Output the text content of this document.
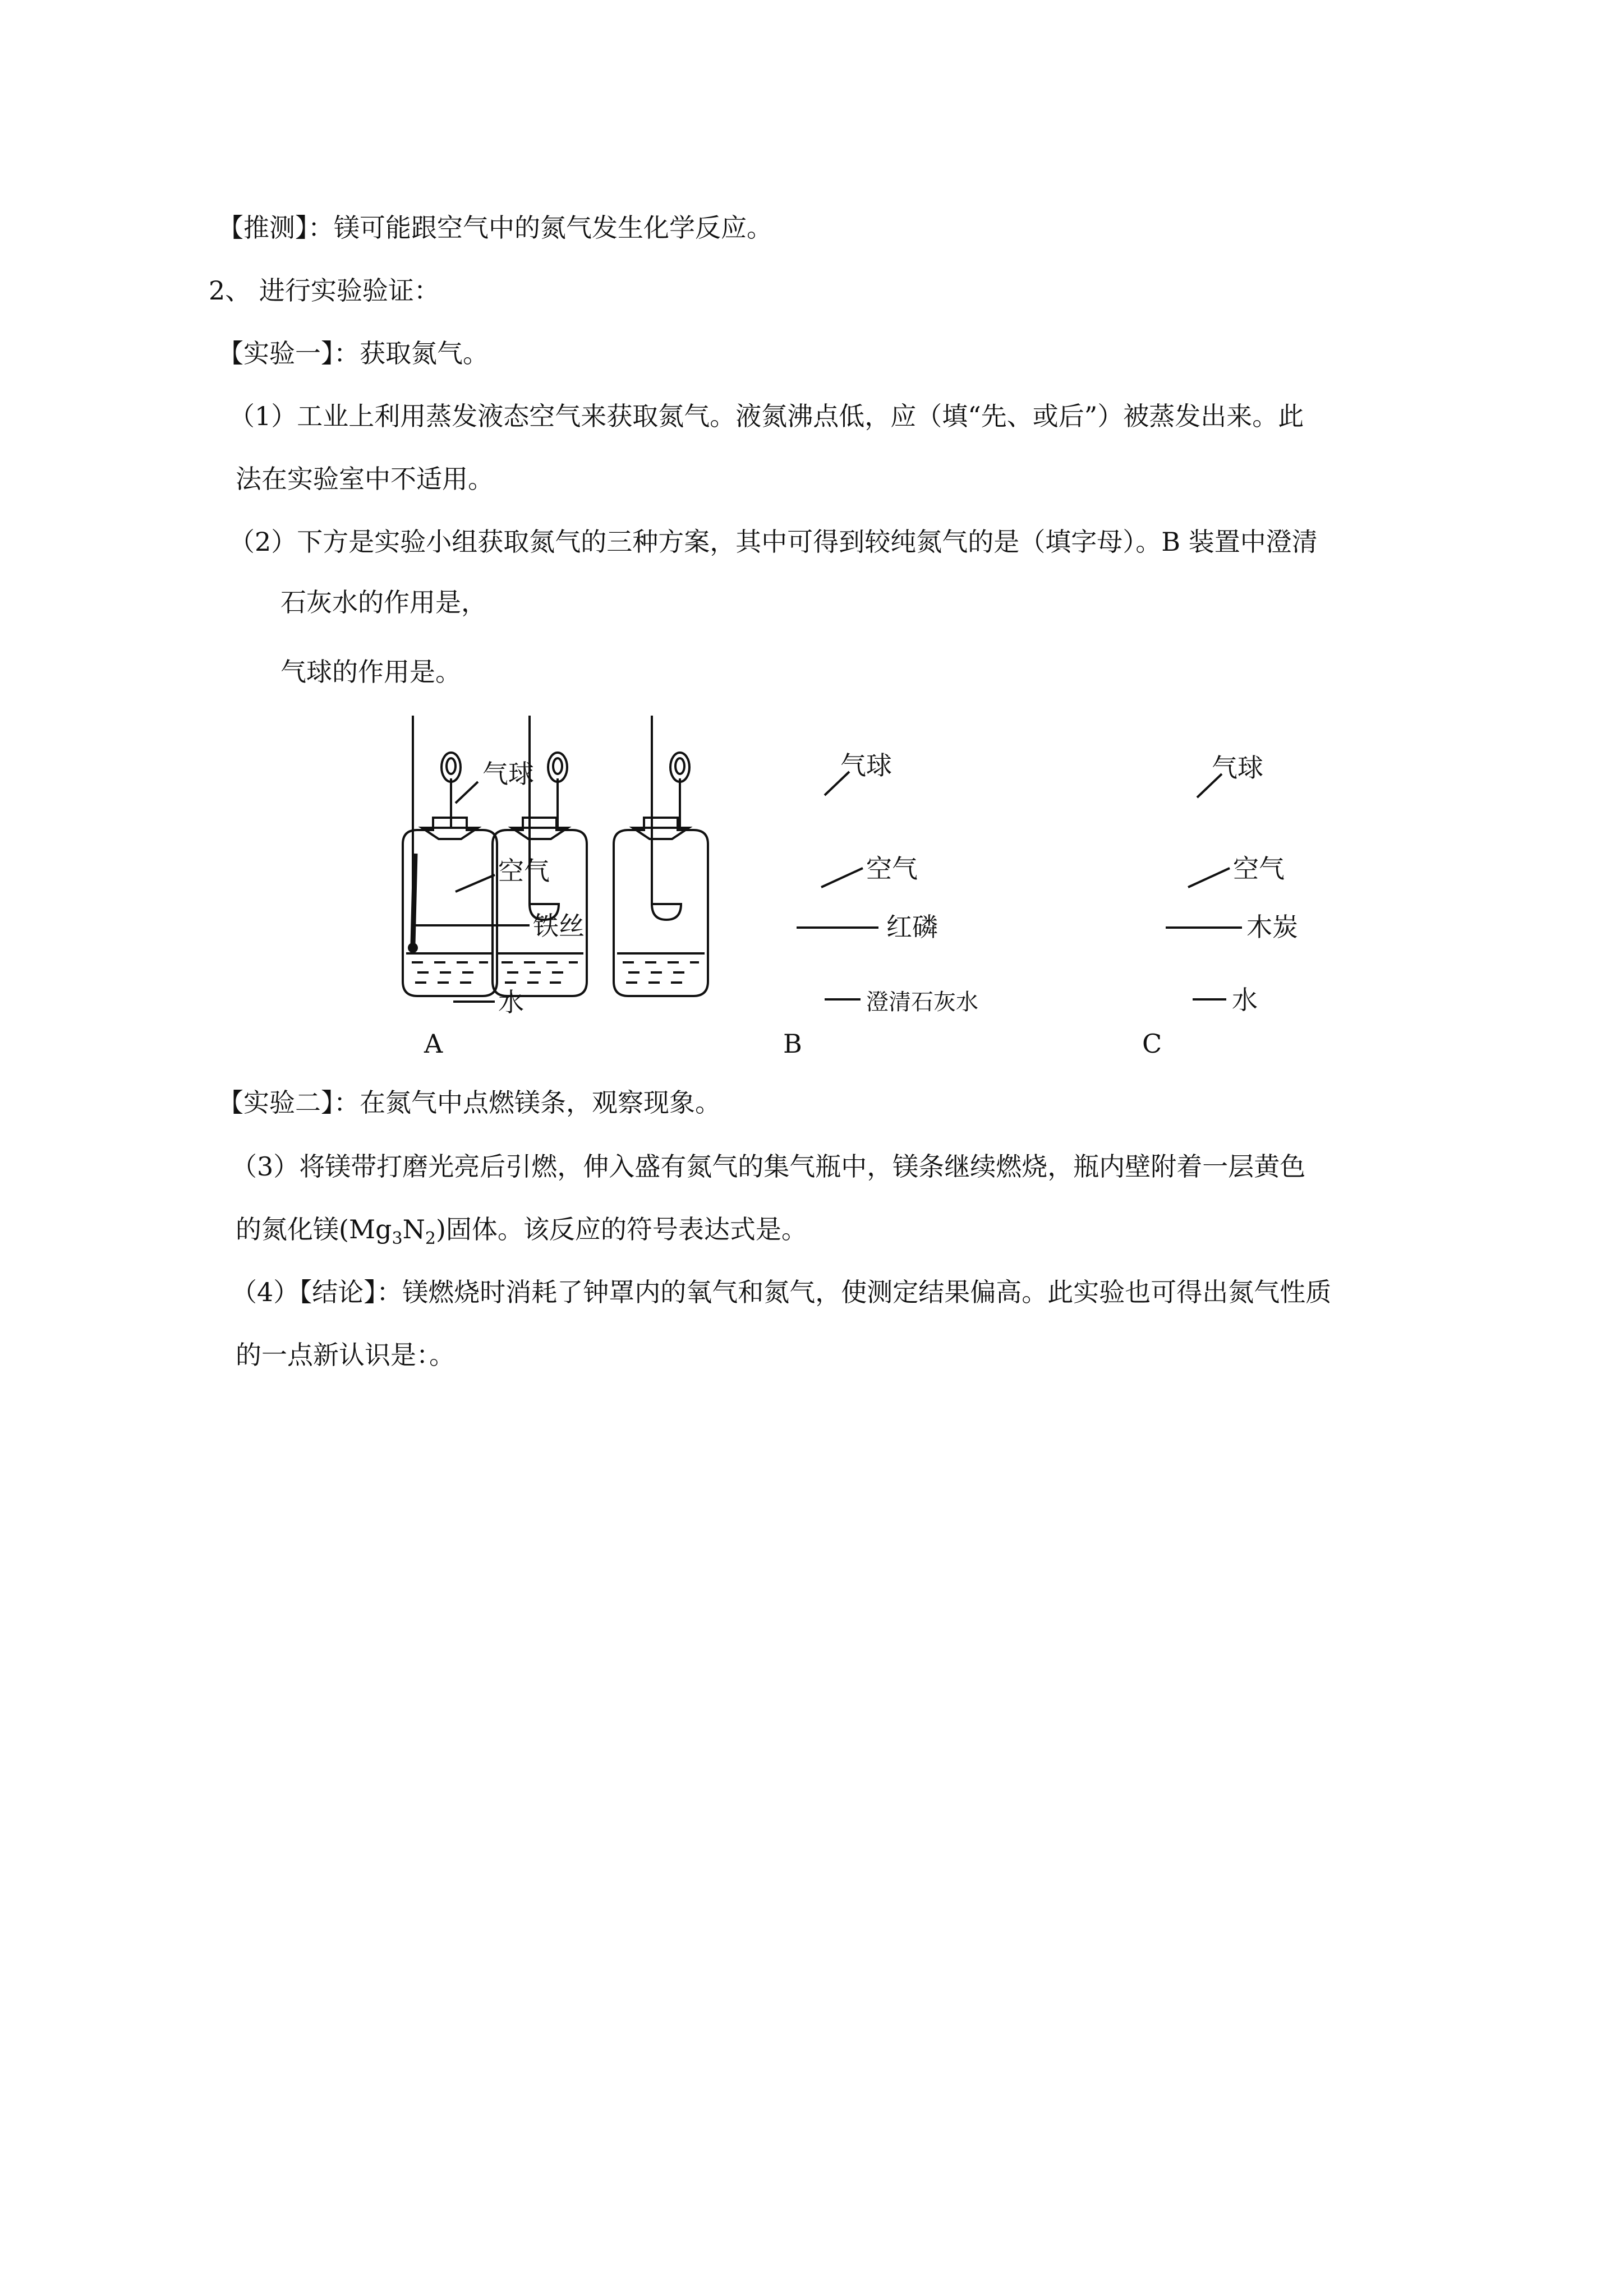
【推测】：镁可能跟空气中的氮气发生化学反应。
2、 进行实验验证：
【实验一】：获取氮气。
（1）工业上利用蒸发液态空气来获取氮气。液氮沸点低，应（填“先、或后”）被蒸发出来。此
法在实验室中不适用。
（2）下方是实验小组获取氮气的三种方案，其中可得到较纯氮气的是（填字母）。B 装置中澄清
石灰水的作用是，
气球的作用是。
【实验二】：在氮气中点燃镁条，观察现象。
（3）将镁带打磨光亮后引燃，伸入盛有氮气的集气瓶中，镁条继续燃烧，瓶内壁附着一层黄色
的氮化镁$(Mg_3N_2)$固体。该反应的符号表达式是。
（4）【结论】：镁燃烧时消耗了钟罩内的氧气和氮气，使测定结果偏高。此实验也可得出氮气性质
的一点新认识是：。
气球
空气
铁丝
水
A
气球
空气
红磷
澄清石灰水
B
气球
空气
木炭
水
C
